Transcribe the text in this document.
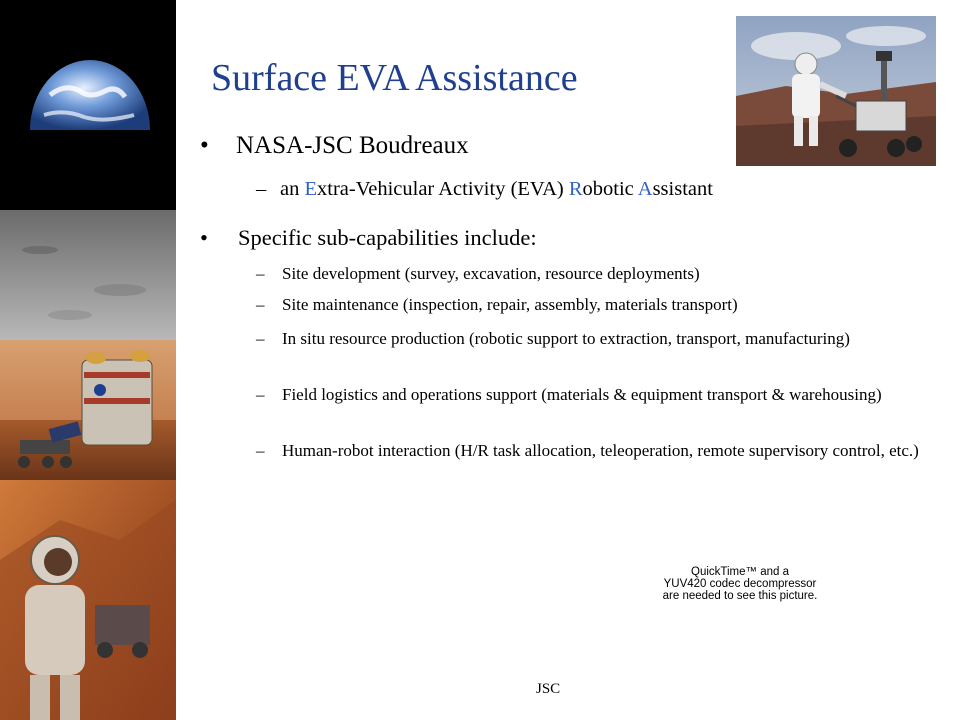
Surface EVA Assistance
• NASA-JSC Boudreaux
– an Extra-Vehicular Activity (EVA) Robotic Assistant
• Specific sub-capabilities include:
– Site development (survey, excavation, resource deployments)
– Site maintenance (inspection, repair, assembly, materials transport)
– In situ resource production (robotic support to extraction, transport, manufacturing)
– Field logistics and operations support (materials & equipment transport & warehousing)
– Human-robot interaction (H/R task allocation, teleoperation, remote supervisory control, etc.)
QuickTime™ and a
YUV420 codec decompressor
are needed to see this picture.
JSC
